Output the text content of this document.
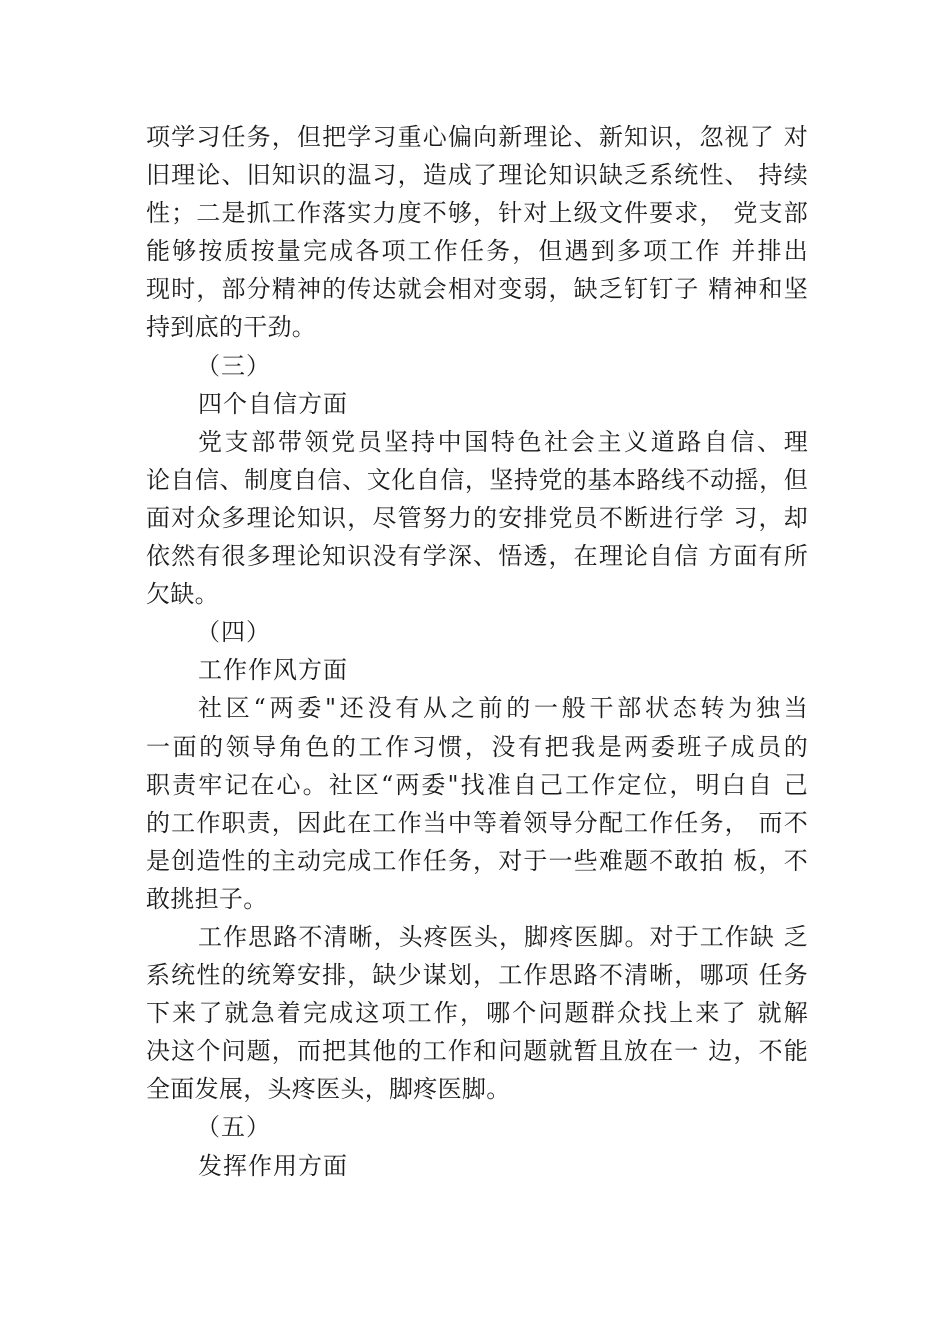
项学习任务，但把学习重心偏向新理论、新知识，忽视了 对
旧理论、旧知识的温习，造成了理论知识缺乏系统性、 持续
性；二是抓工作落实力度不够，针对上级文件要求， 党支部
能够按质按量完成各项工作任务，但遇到多项工作 并排出
现时，部分精神的传达就会相对变弱，缺乏钉钉子 精神和坚
持到底的干劲。
（三）
四个自信方面
党支部带领党员坚持中国特色社会主义道路自信、理
论自信、制度自信、文化自信，坚持党的基本路线不动摇，但
面对众多理论知识，尽管努力的安排党员不断进行学 习，却
依然有很多理论知识没有学深、悟透，在理论自信 方面有所
欠缺。
（四）
工作作风方面
社区“两委"还没有从之前的一般干部状态转为独当
一面的领导角色的工作习惯，没有把我是两委班子成员的
职责牢记在心。社区“两委"找准自己工作定位，明白自 己
的工作职责，因此在工作当中等着领导分配工作任务， 而不
是创造性的主动完成工作任务，对于一些难题不敢拍 板，不
敢挑担子。
工作思路不清晰，头疼医头，脚疼医脚。对于工作缺 乏
系统性的统筹安排，缺少谋划，工作思路不清晰，哪项 任务
下来了就急着完成这项工作，哪个问题群众找上来了 就解
决这个问题，而把其他的工作和问题就暂且放在一 边，不能
全面发展，头疼医头，脚疼医脚。
（五）
发挥作用方面
